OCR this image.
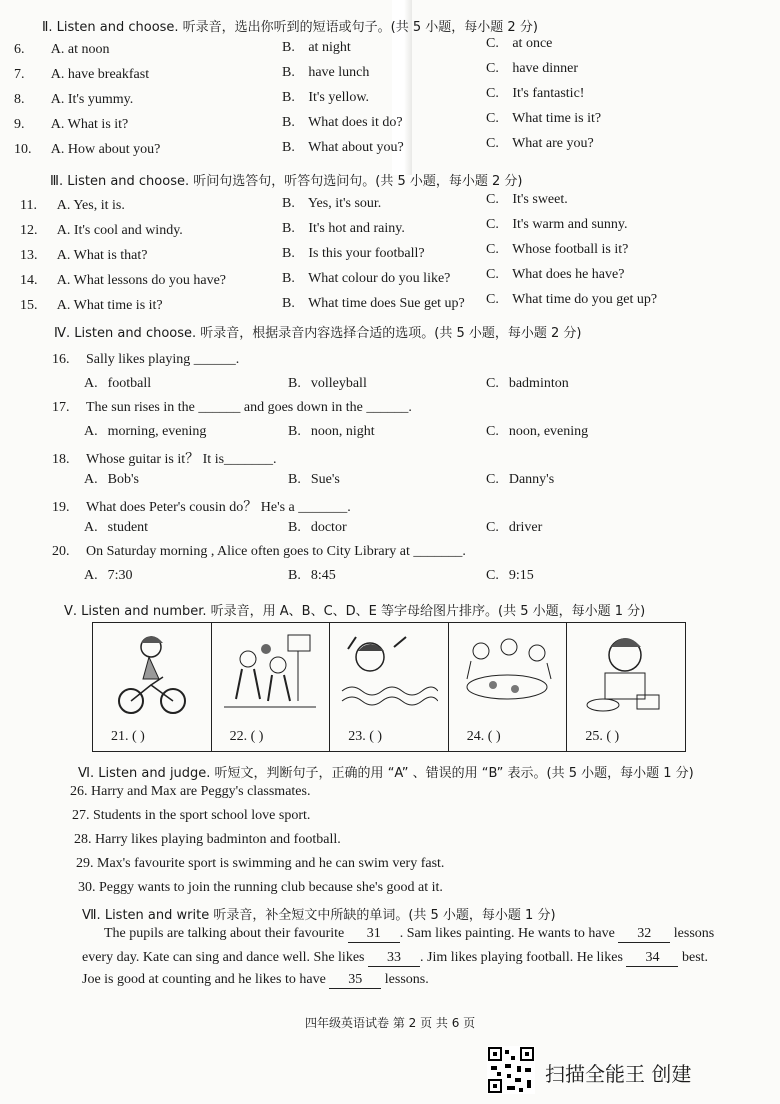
Ⅱ. Listen and choose. 听录音，选出你听到的短语或句子。(共 5 小题，每小题 2 分)
6. A. at noon	B. at night	C. at once
7. A. have breakfast	B. have lunch	C. have dinner
8. A. It's yummy.	B. It's yellow.	C. It's fantastic!
9. A. What is it?	B. What does it do?	C. What time is it?
10. A. How about you?	B. What about you?	C. What are you?
Ⅲ. Listen and choose. 听问句选答句，听答句选问句。(共 5 小题，每小题 2 分)
11. A. Yes, it is.	B. Yes, it's sour.	C. It's sweet.
12. A. It's cool and windy.	B. It's hot and rainy.	C. It's warm and sunny.
13. A. What is that?	B. Is this your football?	C. Whose football is it?
14. A. What lessons do you have?	B. What colour do you like?	C. What does he have?
15. A. What time is it?	B. What time does Sue get up? C. What time do you get up?
Ⅳ. Listen and choose. 听录音，根据录音内容选择合适的选项。(共 5 小题，每小题 2 分)
16. Sally likes playing ______.
A. football	B. volleyball	C. badminton
17. The sun rises in the ______ and goes down in the ______.
A. morning, evening	B. noon, night	C. noon, evening
18. Whose guitar is it？ It is_______.
A. Bob's	B. Sue's	C. Danny's
19. What does Peter's cousin do？ He's a _______.
A. student	B. doctor	C. driver
20. On Saturday morning , Alice often goes to City Library at _______.
A. 7:30	B. 8:45	C. 9:15
Ⅴ. Listen and number. 听录音，用 A、B、C、D、E 等字母给图片排序。(共 5 小题，每小题 1 分)
21. ( )	22. ( )	23. ( )	24. ( )	25. ( )
Ⅵ. Listen and judge. 听短文，判断句子，正确的用 “A” 、错误的用 “B” 表示。(共 5 小题，每小题 1 分)
26. Harry and Max are Peggy's classmates.
27. Students in the sport school love sport.
28. Harry likes playing badminton and football.
29. Max's favourite sport is swimming and he can swim very fast.
30. Peggy wants to join the running club because she's good at it.
Ⅶ. Listen and write 听录音，补全短文中所缺的单词。(共 5 小题，每小题 1 分)
The pupils are talking about their favourite 31 . Sam likes painting. He wants to have 32 lessons
every day. Kate can sing and dance well. She likes 33 . Jim likes playing football. He likes 34 best.
Joe is good at counting and he likes to have 35 lessons.
四年级英语试卷 第 2 页 共 6 页
扫描全能王 创建
